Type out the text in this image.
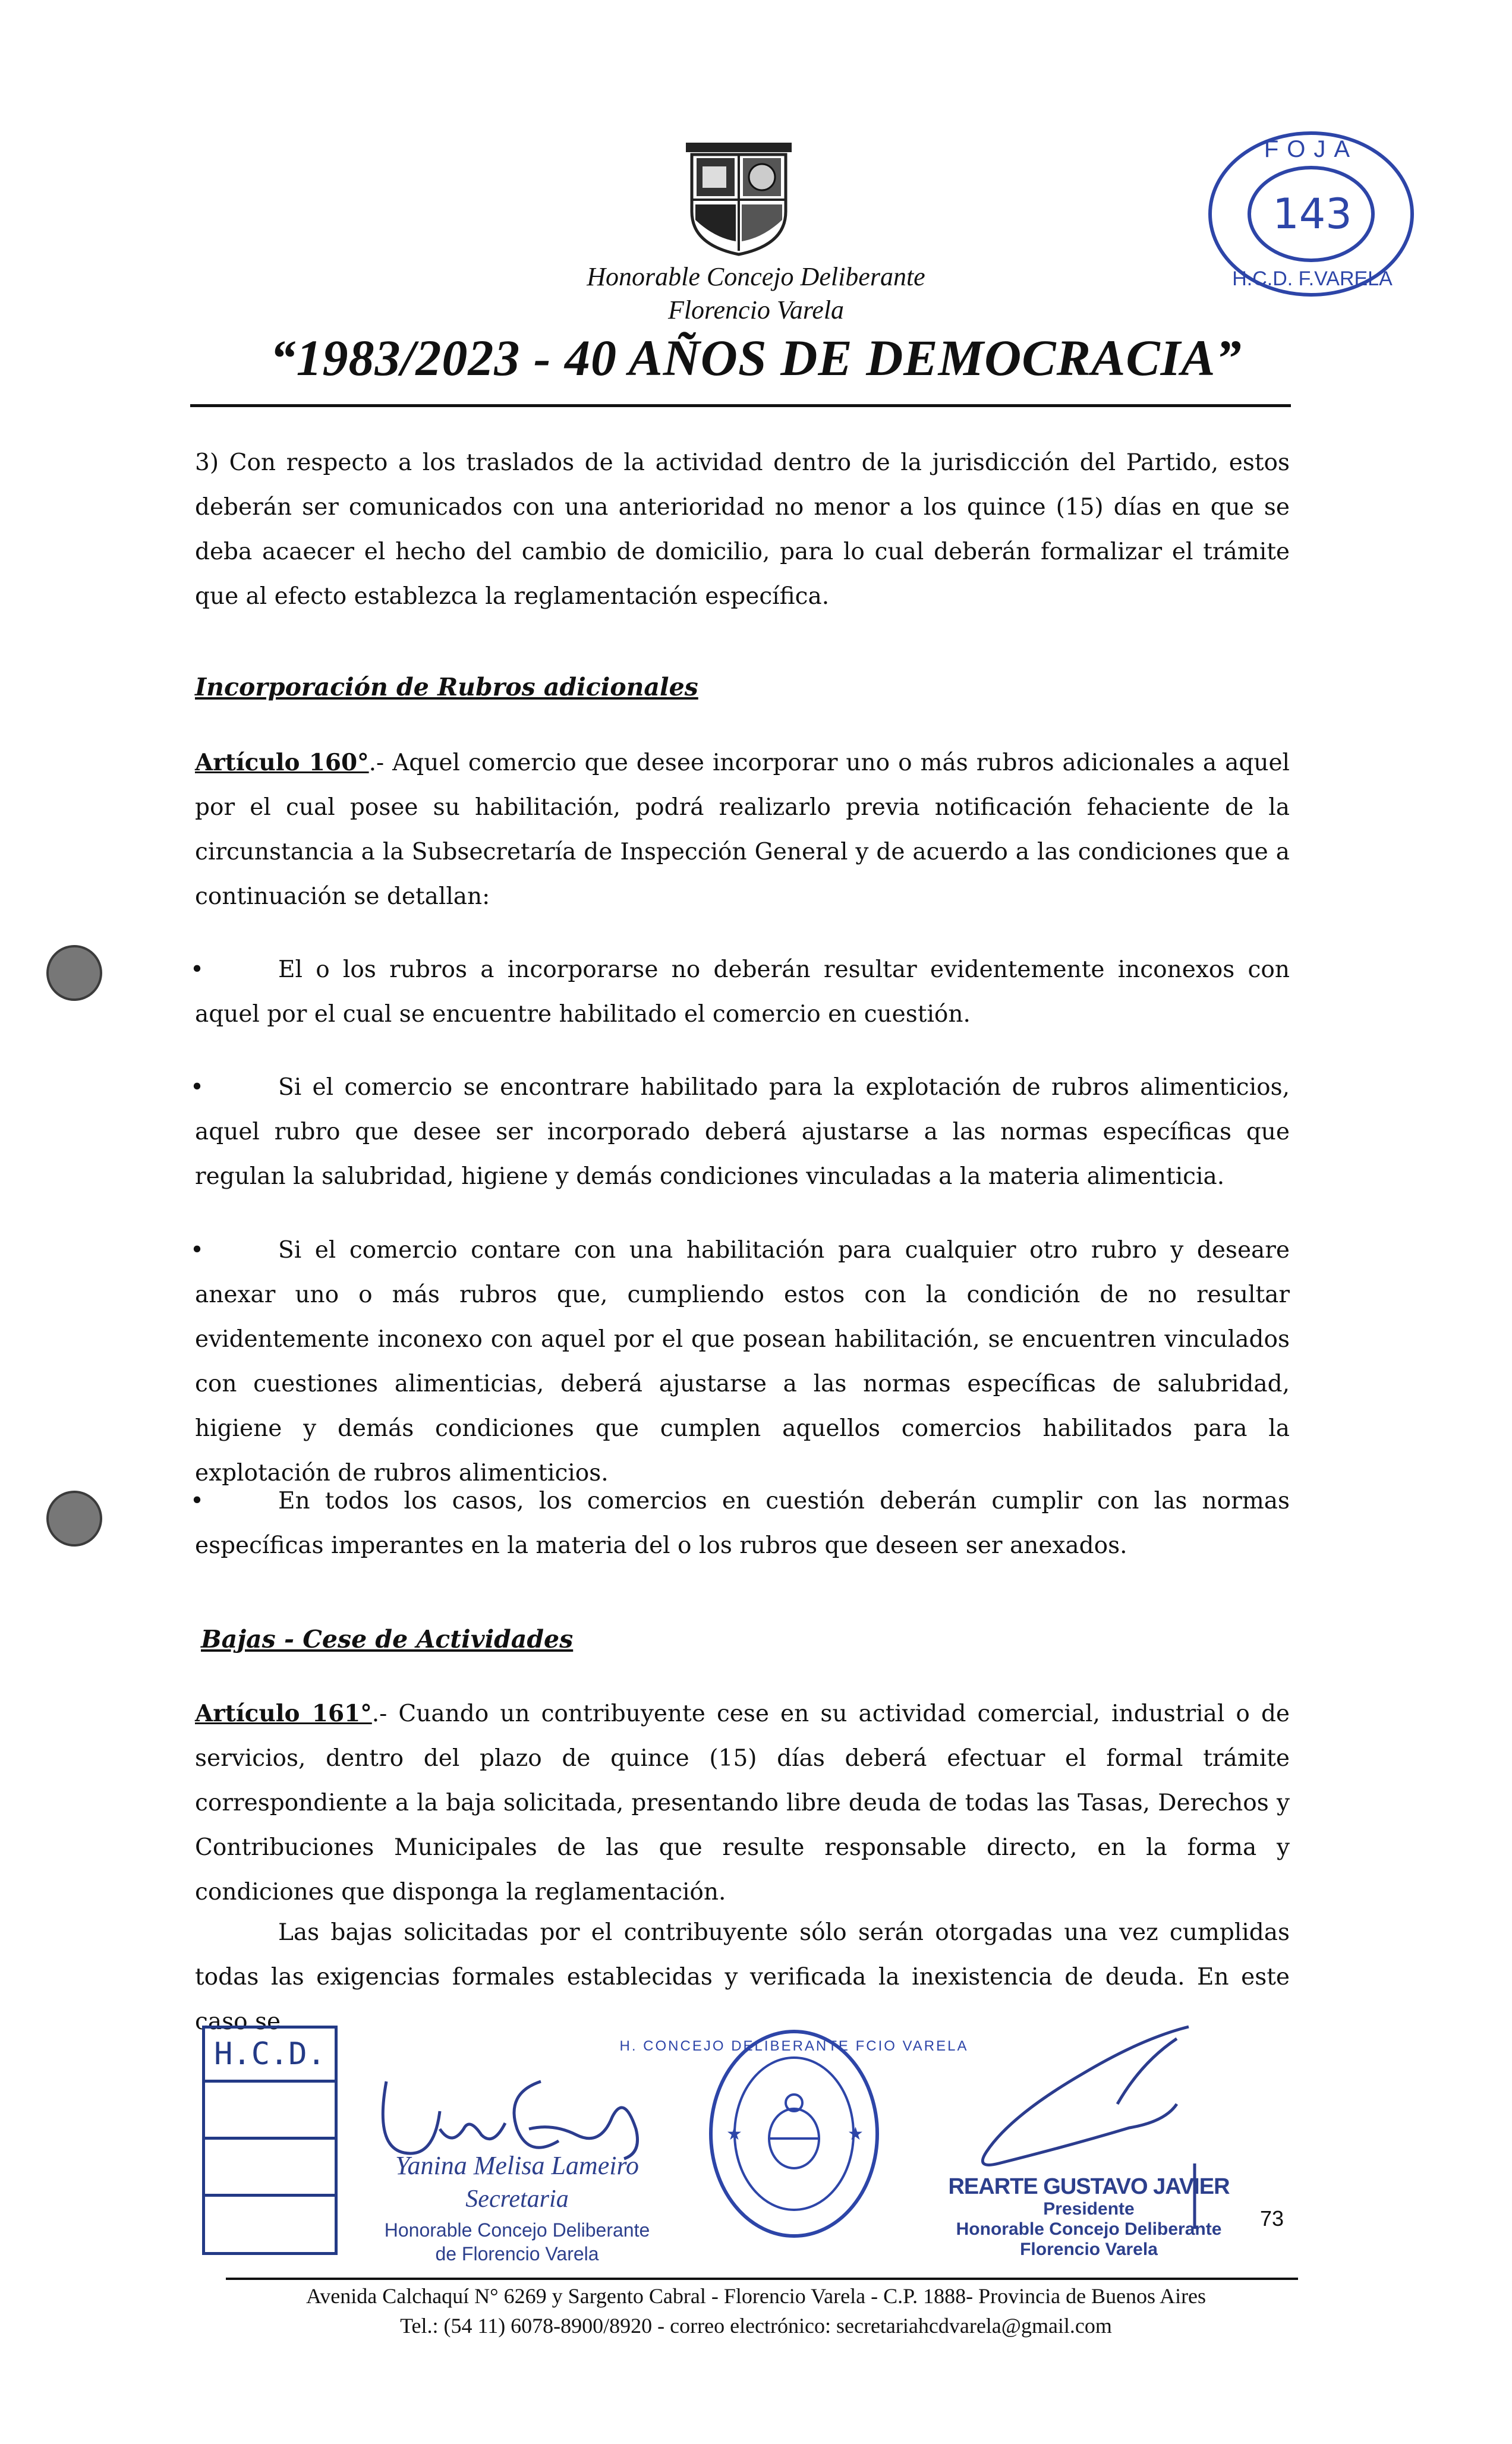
Honorable Concejo Deliberante
Florencio Varela
“1983/2023 - 40 AÑOS DE DEMOCRACIA”
FOJA
143
H.C.D. F.VARELA
3) Con respecto a los traslados de la actividad dentro de la jurisdicción del Partido, estos deberán ser comunicados con una anterioridad no menor a los quince (15) días en que se deba acaecer el hecho del cambio de domicilio, para lo cual deberán formalizar el trámite que al efecto establezca la reglamentación específica.
Incorporación de Rubros adicionales
Artículo 160°.- Aquel comercio que desee incorporar uno o más rubros adicionales a aquel por el cual posee su habilitación, podrá realizarlo previa notificación fehaciente de la circunstancia a la Subsecretaría de Inspección General y de acuerdo a las condiciones que a continuación se detallan:
•	El o los rubros a incorporarse no deberán resultar evidentemente inconexos con aquel por el cual se encuentre habilitado el comercio en cuestión.
•	Si el comercio se encontrare habilitado para la explotación de rubros alimenticios, aquel rubro que desee ser incorporado deberá ajustarse a las normas específicas que regulan la salubridad, higiene y demás condiciones vinculadas a la materia alimenticia.
•	Si el comercio contare con una habilitación para cualquier otro rubro y deseare anexar uno o más rubros que, cumpliendo estos con la condición de no resultar evidentemente inconexo con aquel por el que posean habilitación, se encuentren vinculados con cuestiones alimenticias, deberá ajustarse a las normas específicas de salubridad, higiene y demás condiciones que cumplen aquellos comercios habilitados para la explotación de rubros alimenticios.
•	En todos los casos, los comercios en cuestión deberán cumplir con las normas específicas imperantes en la materia del o los rubros que deseen ser anexados.
Bajas - Cese de Actividades
Artículo 161°.- Cuando un contribuyente cese en su actividad comercial, industrial o de servicios, dentro del plazo de quince (15) días deberá efectuar el formal trámite correspondiente a la baja solicitada, presentando libre deuda de todas las Tasas, Derechos y Contribuciones Municipales de las que resulte responsable directo, en la forma y condiciones que disponga la reglamentación.
Las bajas solicitadas por el contribuyente sólo serán otorgadas una vez cumplidas todas las exigencias formales establecidas y verificada la inexistencia de deuda. En este caso se
H.C.D.
Yanina Melisa Lameiro
Secretaria
Honorable Concejo Deliberante
de Florencio Varela
H. CONCEJO DELIBERANTE FCIO VARELA
★	★
REARTE GUSTAVO JAVIER
Presidente
Honorable Concejo Deliberante
Florencio Varela
73
Avenida Calchaquí N° 6269 y Sargento Cabral - Florencio Varela - C.P. 1888- Provincia de Buenos Aires
Tel.: (54 11) 6078-8900/8920 - correo electrónico: secretariahcdvarela@gmail.com
